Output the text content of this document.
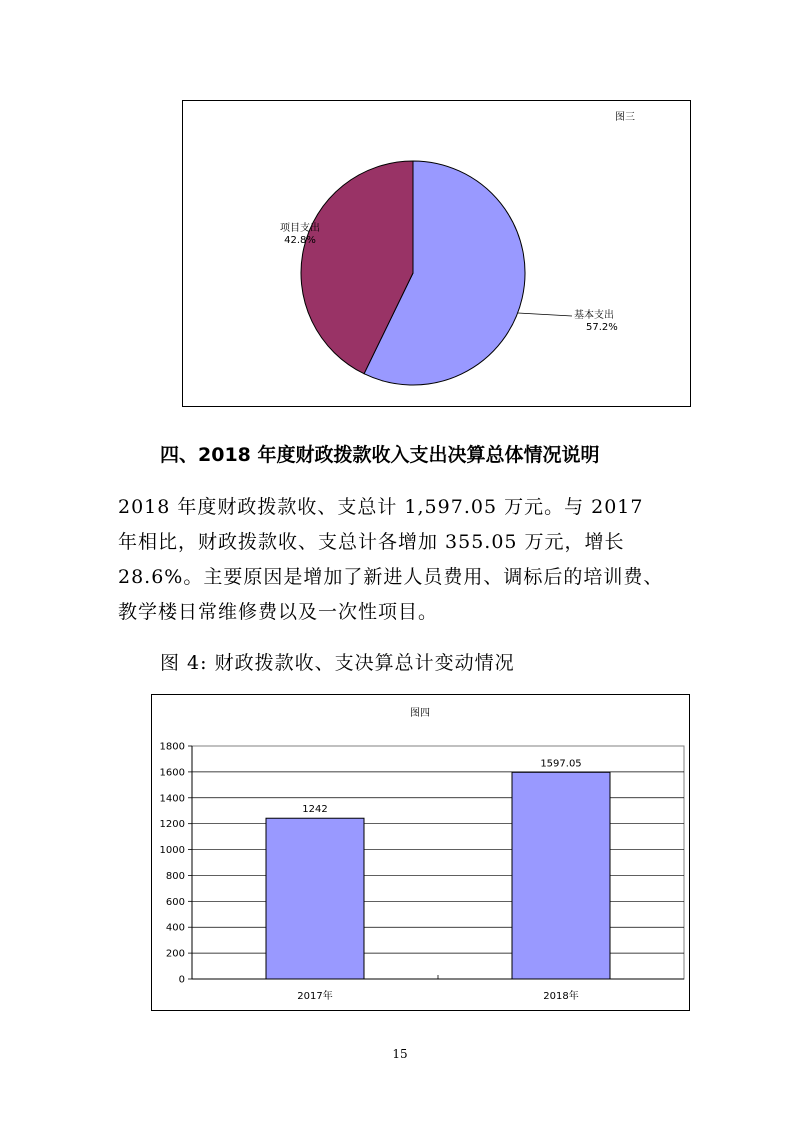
图三
基本支出
57.2%
项目支出
42.8%
四、2018 年度财政拨款收入支出决算总体情况说明
2018 年度财政拨款收、支总计 1,597.05 万元。与 2017
年相比，财政拨款收、支总计各增加 355.05 万元，增长
28.6%。主要原因是增加了新进人员费用、调标后的培训费、
教学楼日常维修费以及一次性项目。
图 4: 财政拨款收、支决算总计变动情况
图四
0
200
400
600
800
1000
1200
1400
1600
1800
1242
2017年
1597.05
2018年
15
